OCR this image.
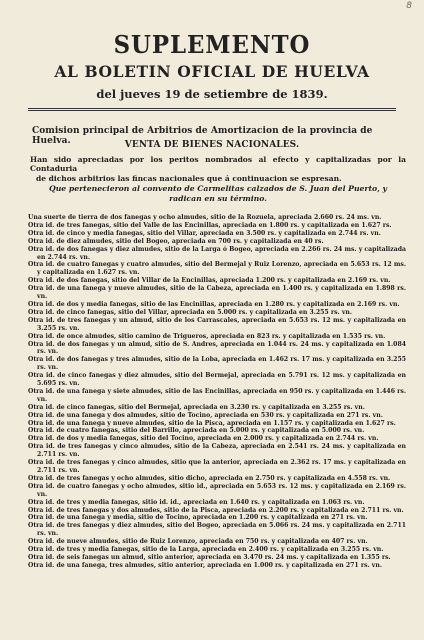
8
SUPLEMENTO
AL BOLETIN OFICIAL DE HUELVA
del jueves 19 de setiembre de 1839.
Comision principal de Arbitrios de Amortizacion de la provincia de Huelva.	VENTA DE BIENES NACIONALES.
Han sido apreciadas por los peritos nombrados al efecto y capitalizadas por la Contaduria
de dichos arbitrios las fincas nacionales que á continuacion se espresan.
Que pertenecieron al convento de Carmelitas calzados de S. Juan del Puerto, y radican en su término.

Una suerte de tierra de dos fanegas y ocho almudes, sitio de la Rozuela, apreciada 2.660 rs. 24 ms. vn.

Otra id. de tres fanegas, sitio del Valle de las Encinillas, apreciada en 1.800 rs. y capitalizada en 1.627 rs.

Otra id. de cinco y media fanegas, sitio del Villar, apreciada en 3.500 rs. y capitalizada en 2.744 rs. vn.

Otra id. de diez almudes, sitio del Bogeo, apreciada en 700 rs. y capitalizada en 40 rs.

Otra id. de dos fanegas y diez almudes, sitio de la Larga ó Bogeo, apreciada en 2.266 rs. 24 ms. y capitalizada en 2.744 rs. vn.

Otra id. de cuatro fanegas y cuatro almudes, sitio del Bermejal y Ruiz Lorenzo, apreciada en 5.653 rs. 12 ms. y capitalizada en 1.627 rs. vn.

Otra id. de dos fanegas, sitio del Villar de la Encinillas, apreciada 1.200 rs. y capitalizada en 2.169 rs. vn.

Otra id. de una fanega y nueve almudes, sitio de la Cabeza, apreciada en 1.400 rs. y capitalizada en 1.898 rs. vn.

Otra id. de dos y media fanegas, sitio de las Encinillas, apreciada en 1.280 rs. y capitalizada en 2.169 rs. vn.

Otra id. de cinco fanegas, sitio del Villar, apreciada en 5.000 rs. y capitalizada en 3.255 rs. vn.

Otra id. de tres fanegas y un almud, sitio de los Carrascales, apreciada en 5.653 rs. 12 ms. y capitalizada en 3.255 rs. vn.

Otra id. de once almudes, sitio camino de Trigueros, apreciada en 823 rs. y capitalizada en 1.535 rs. vn.

Otra id. de dos fanegas y un almud, sitio de S. Andres, apreciada en 1.044 rs. 24 ms. y capitalizada en 1.084 rs. vn.

Otra id. de dos fanegas y tres almudes, sitio de la Loba, apreciada en 1.462 rs. 17 ms. y capitalizada en 3.255 rs. vn.

Otra id. de cinco fanegas y diez almudes, sitio del Bermejal, apreciada en 5.791 rs. 12 ms. y capitalizada en 5.695 rs. vn.

Otra id. de una fanega y siete almudes, sitio de las Encinillas, apreciada en 950 rs. y capitalizada en 1.446 rs. vn.

Otra id. de cinco fanegas, sitio del Bermejal, apreciada en 3.230 rs. y capitalizada en 3.255 rs. vn.

Otra id. de una fanega y dos almudes, sitio de Tocino, apreciada en 530 rs. y capitalizada en 271 rs. vn.

Otra id. de una fanega y nueve almudes, sitio de la Pisca, apreciada en 1.157 rs. y capitalizada en 1.627 rs.

Otra id. de cuatro fanegas, sitio del Barrillo, apreciada en 5.000 rs. y capitalizada en 5.000 rs. vn.

Otra id. de dos y media fanegas, sitio del Tocino, apreciada en 2.000 rs. y capitalizada en 2.744 rs. vn.

Otra id. de tres fanegas y cinco almudes, sitio de la Cabeza, apreciada en 2.541 rs. 24 ms. y capitalizada en 2.711 rs. vn.

Otra id. de tres fanegas y cinco almudes, sitio que la anterior, apreciada en 2.362 rs. 17 ms. y capitalizada en 2.711 rs. vn.

Otra id. de tres fanegas y ocho almudes, sitio dicho, apreciada en 2.750 rs. y capitalizada en 4.558 rs. vn.

Otra id. de cuatro fanegas y ocho almudes, sitio id., apreciada en 5.653 rs. 12 ms. y capitalizada en 2.169 rs. vn.

Otra id. de tres y media fanegas, sitio id. id., apreciada en 1.640 rs. y capitalizada en 1.063 rs. vn.

Otra id. de tres fanegas y dos almudes, sitio de la Pisca, apreciada en 2.200 rs. y capitalizada en 2.711 rs. vn.

Otra id. de una fanega y media, sitio de Tocino, apreciada en 1.200 rs. y capitalizada en 271 rs. vn.

Otra id. de tres fanegas y diez almudes, sitio del Bogeo, apreciada en 5.066 rs. 24 ms. y capitalizada en 2.711 rs. vn.

Otra id. de nueve almudes, sitio de Ruiz Lorenzo, apreciada en 750 rs. y capitalizada en 407 rs. vn.

Otra id. de tres y media fanegas, sitio de la Larga, apreciada en 2.400 rs. y capitalizada en 3.255 rs. vn.

Otra id. de seis fanegas un almud, sitio anterior, apreciada en 3.470 rs. 24 ms. y capitalizada en 1.355 rs.

Otra id. de una fanega, tres almudes, sitio anterior, apreciada en 1.000 rs. y capitalizada en 271 rs. vn.
